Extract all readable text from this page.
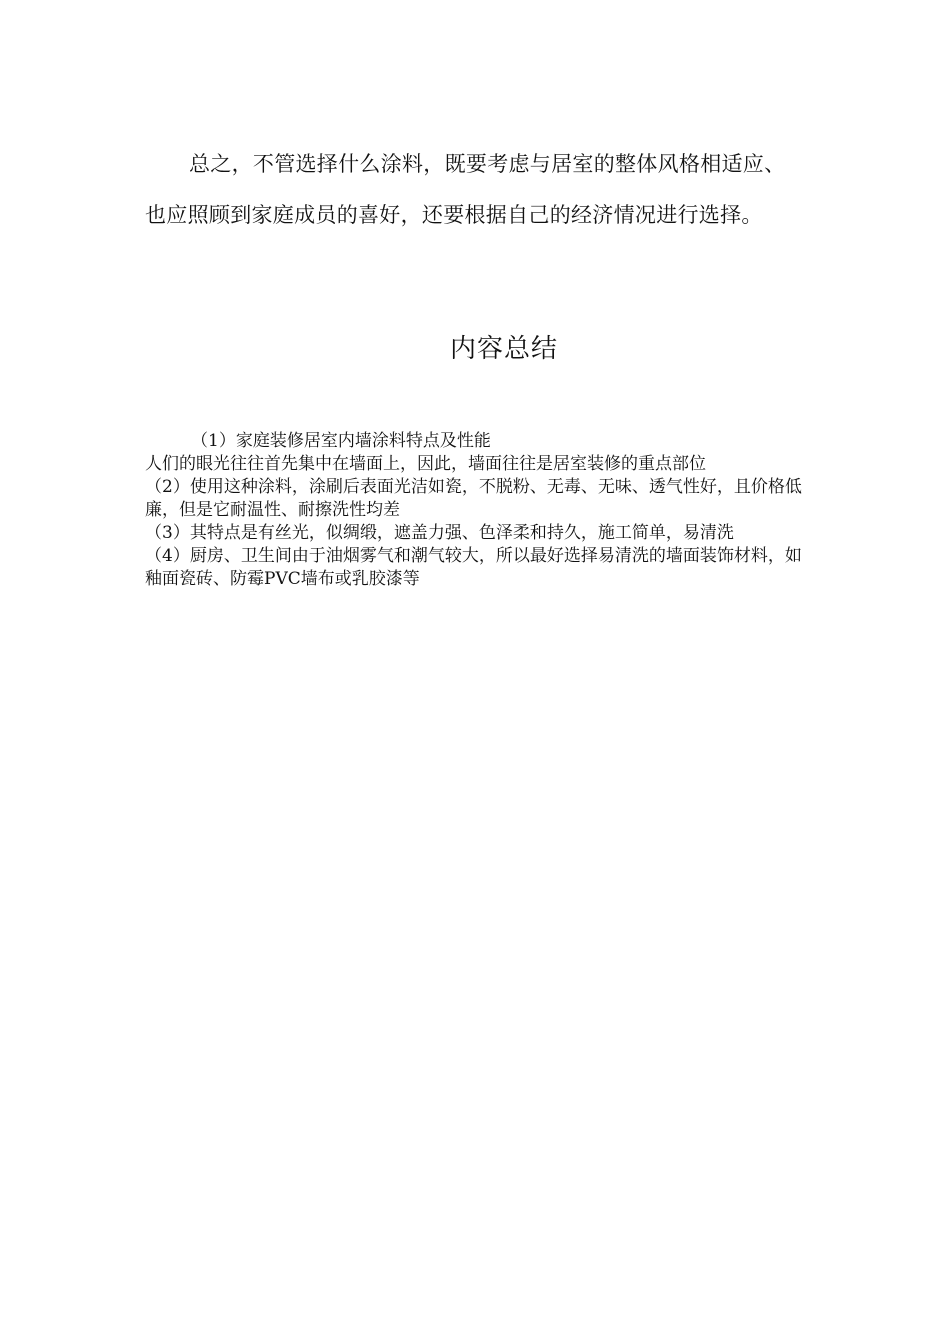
总之，不管选择什么涂料，既要考虑与居室的整体风格相适应、也应照顾到家庭成员的喜好，还要根据自己的经济情况进行选择。

内容总结

（1）家庭装修居室内墙涂料特点及性能

人们的眼光往往首先集中在墙面上，因此，墙面往往是居室装修的重点部位

（2）使用这种涂料，涂刷后表面光洁如瓷，不脱粉、无毒、无味、透气性好，且价格低廉，但是它耐温性、耐擦洗性均差

（3）其特点是有丝光，似绸缎，遮盖力强、色泽柔和持久，施工简单，易清洗

（4）厨房、卫生间由于油烟雾气和潮气较大，所以最好选择易清洗的墙面装饰材料，如釉面瓷砖、防霉PVC墙布或乳胶漆等
